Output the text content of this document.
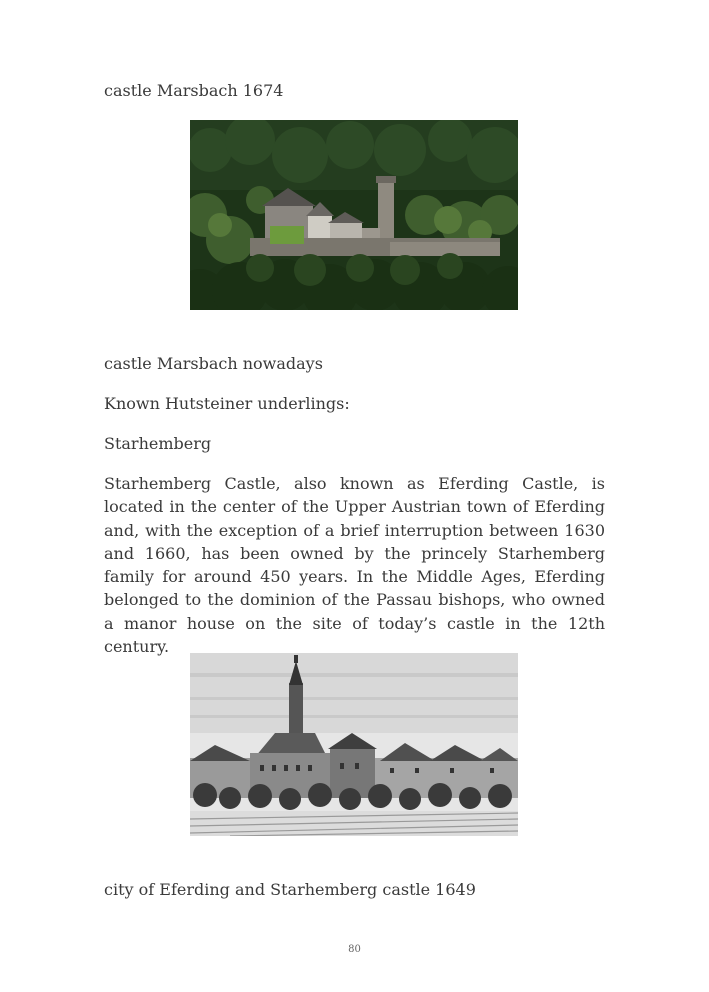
castle Marsbach 1674

castle Marsbach nowadays

Known Hutsteiner underlings:

Starhemberg

Starhemberg Castle, also known as Eferding Castle, is located in the center of the Upper Austrian town of Eferding and, with the exception of a brief interruption between 1630 and 1660, has been owned by the princely Starhemberg family for around 450 years. In the Middle Ages, Eferding belonged to the dominion of the Passau bishops, who owned a manor house on the site of today’s castle in the 12th century.

city of Eferding and Starhemberg castle 1649

80
